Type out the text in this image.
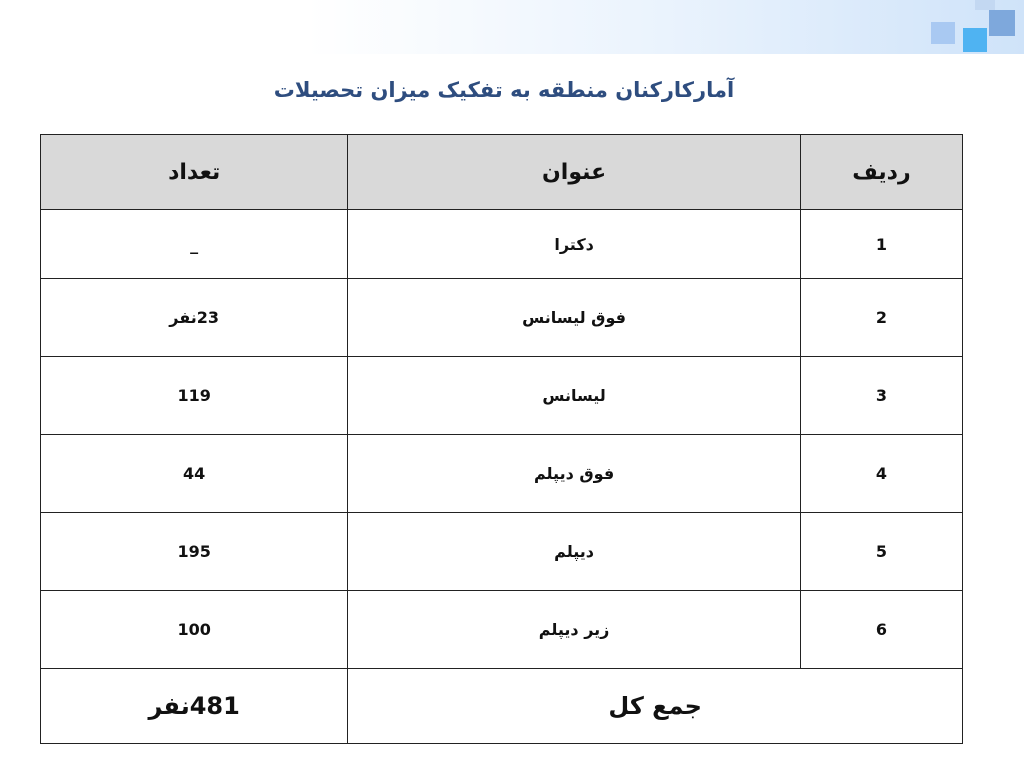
آمارکارکنان منطقه به تفکیک میزان تحصیلات
ردیف	عنوان	تعداد
1	دکترا	_
2	فوق لیسانس	23نفر
3	لیسانس	119
4	فوق دیپلم	44
5	دیپلم	195
6	زیر دیپلم	100
جمع کل		481نفر
